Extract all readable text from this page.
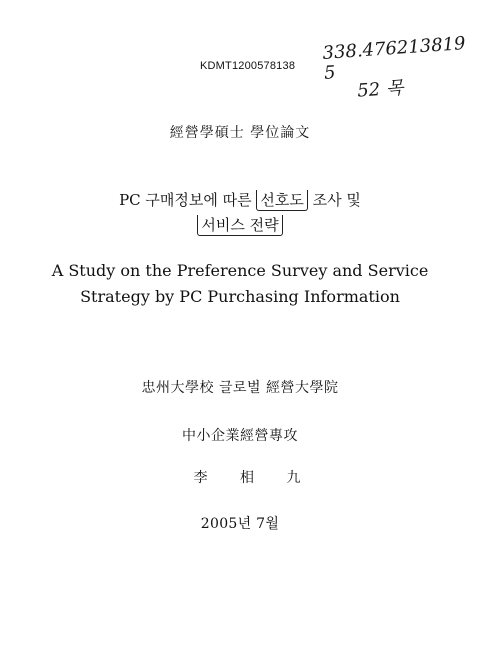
KDMT1200578138
338.476213819 5
52 목
經營學碩士 學位論文
PC 구매정보에 따른 선호도 조사 및
서비스 전략
A Study on the Preference Survey and Service
Strategy by PC Purchasing Information
忠州大學校 글로벌 經營大學院
中小企業經營專攻
李 相 九
2005년 7월
